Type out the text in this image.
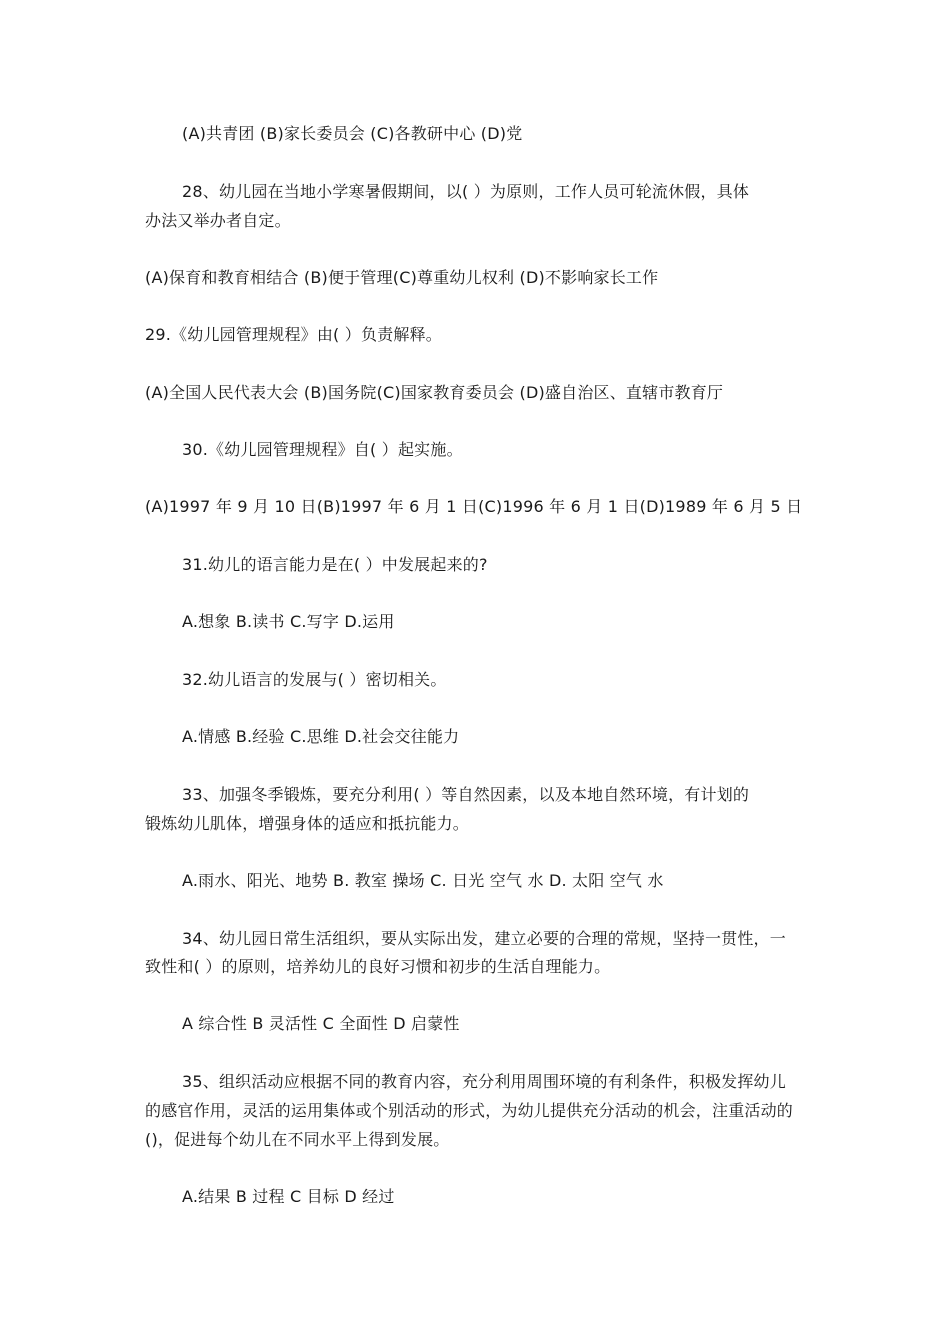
(A)共青团 (B)家长委员会 (C)各教研中心 (D)党
28、幼儿园在当地小学寒暑假期间，以( ）为原则，工作人员可轮流休假，具体
办法又举办者自定。
(A)保育和教育相结合 (B)便于管理(C)尊重幼儿权利 (D)不影响家长工作
29.《幼儿园管理规程》由( ）负责解释。
(A)全国人民代表大会 (B)国务院(C)国家教育委员会 (D)盛自治区、直辖市教育厅
30.《幼儿园管理规程》自( ）起实施。
(A)1997 年 9 月 10 日(B)1997 年 6 月 1 日(C)1996 年 6 月 1 日(D)1989 年 6 月 5 日
31.幼儿的语言能力是在( ）中发展起来的?
A.想象 B.读书 C.写字 D.运用
32.幼儿语言的发展与( ）密切相关。
A.情感 B.经验 C.思维 D.社会交往能力
33、加强冬季锻炼，要充分利用( ）等自然因素，以及本地自然环境，有计划的
锻炼幼儿肌体，增强身体的适应和抵抗能力。
A.雨水、阳光、地势 B. 教室 操场 C. 日光 空气 水 D. 太阳 空气 水
34、幼儿园日常生活组织，要从实际出发，建立必要的合理的常规，坚持一贯性，一
致性和( ）的原则，培养幼儿的良好习惯和初步的生活自理能力。
A 综合性 B 灵活性 C 全面性 D 启蒙性
35、组织活动应根据不同的教育内容，充分利用周围环境的有利条件，积极发挥幼儿
的感官作用，灵活的运用集体或个别活动的形式，为幼儿提供充分活动的机会，注重活动的
()，促进每个幼儿在不同水平上得到发展。
A.结果 B 过程 C 目标 D 经过
